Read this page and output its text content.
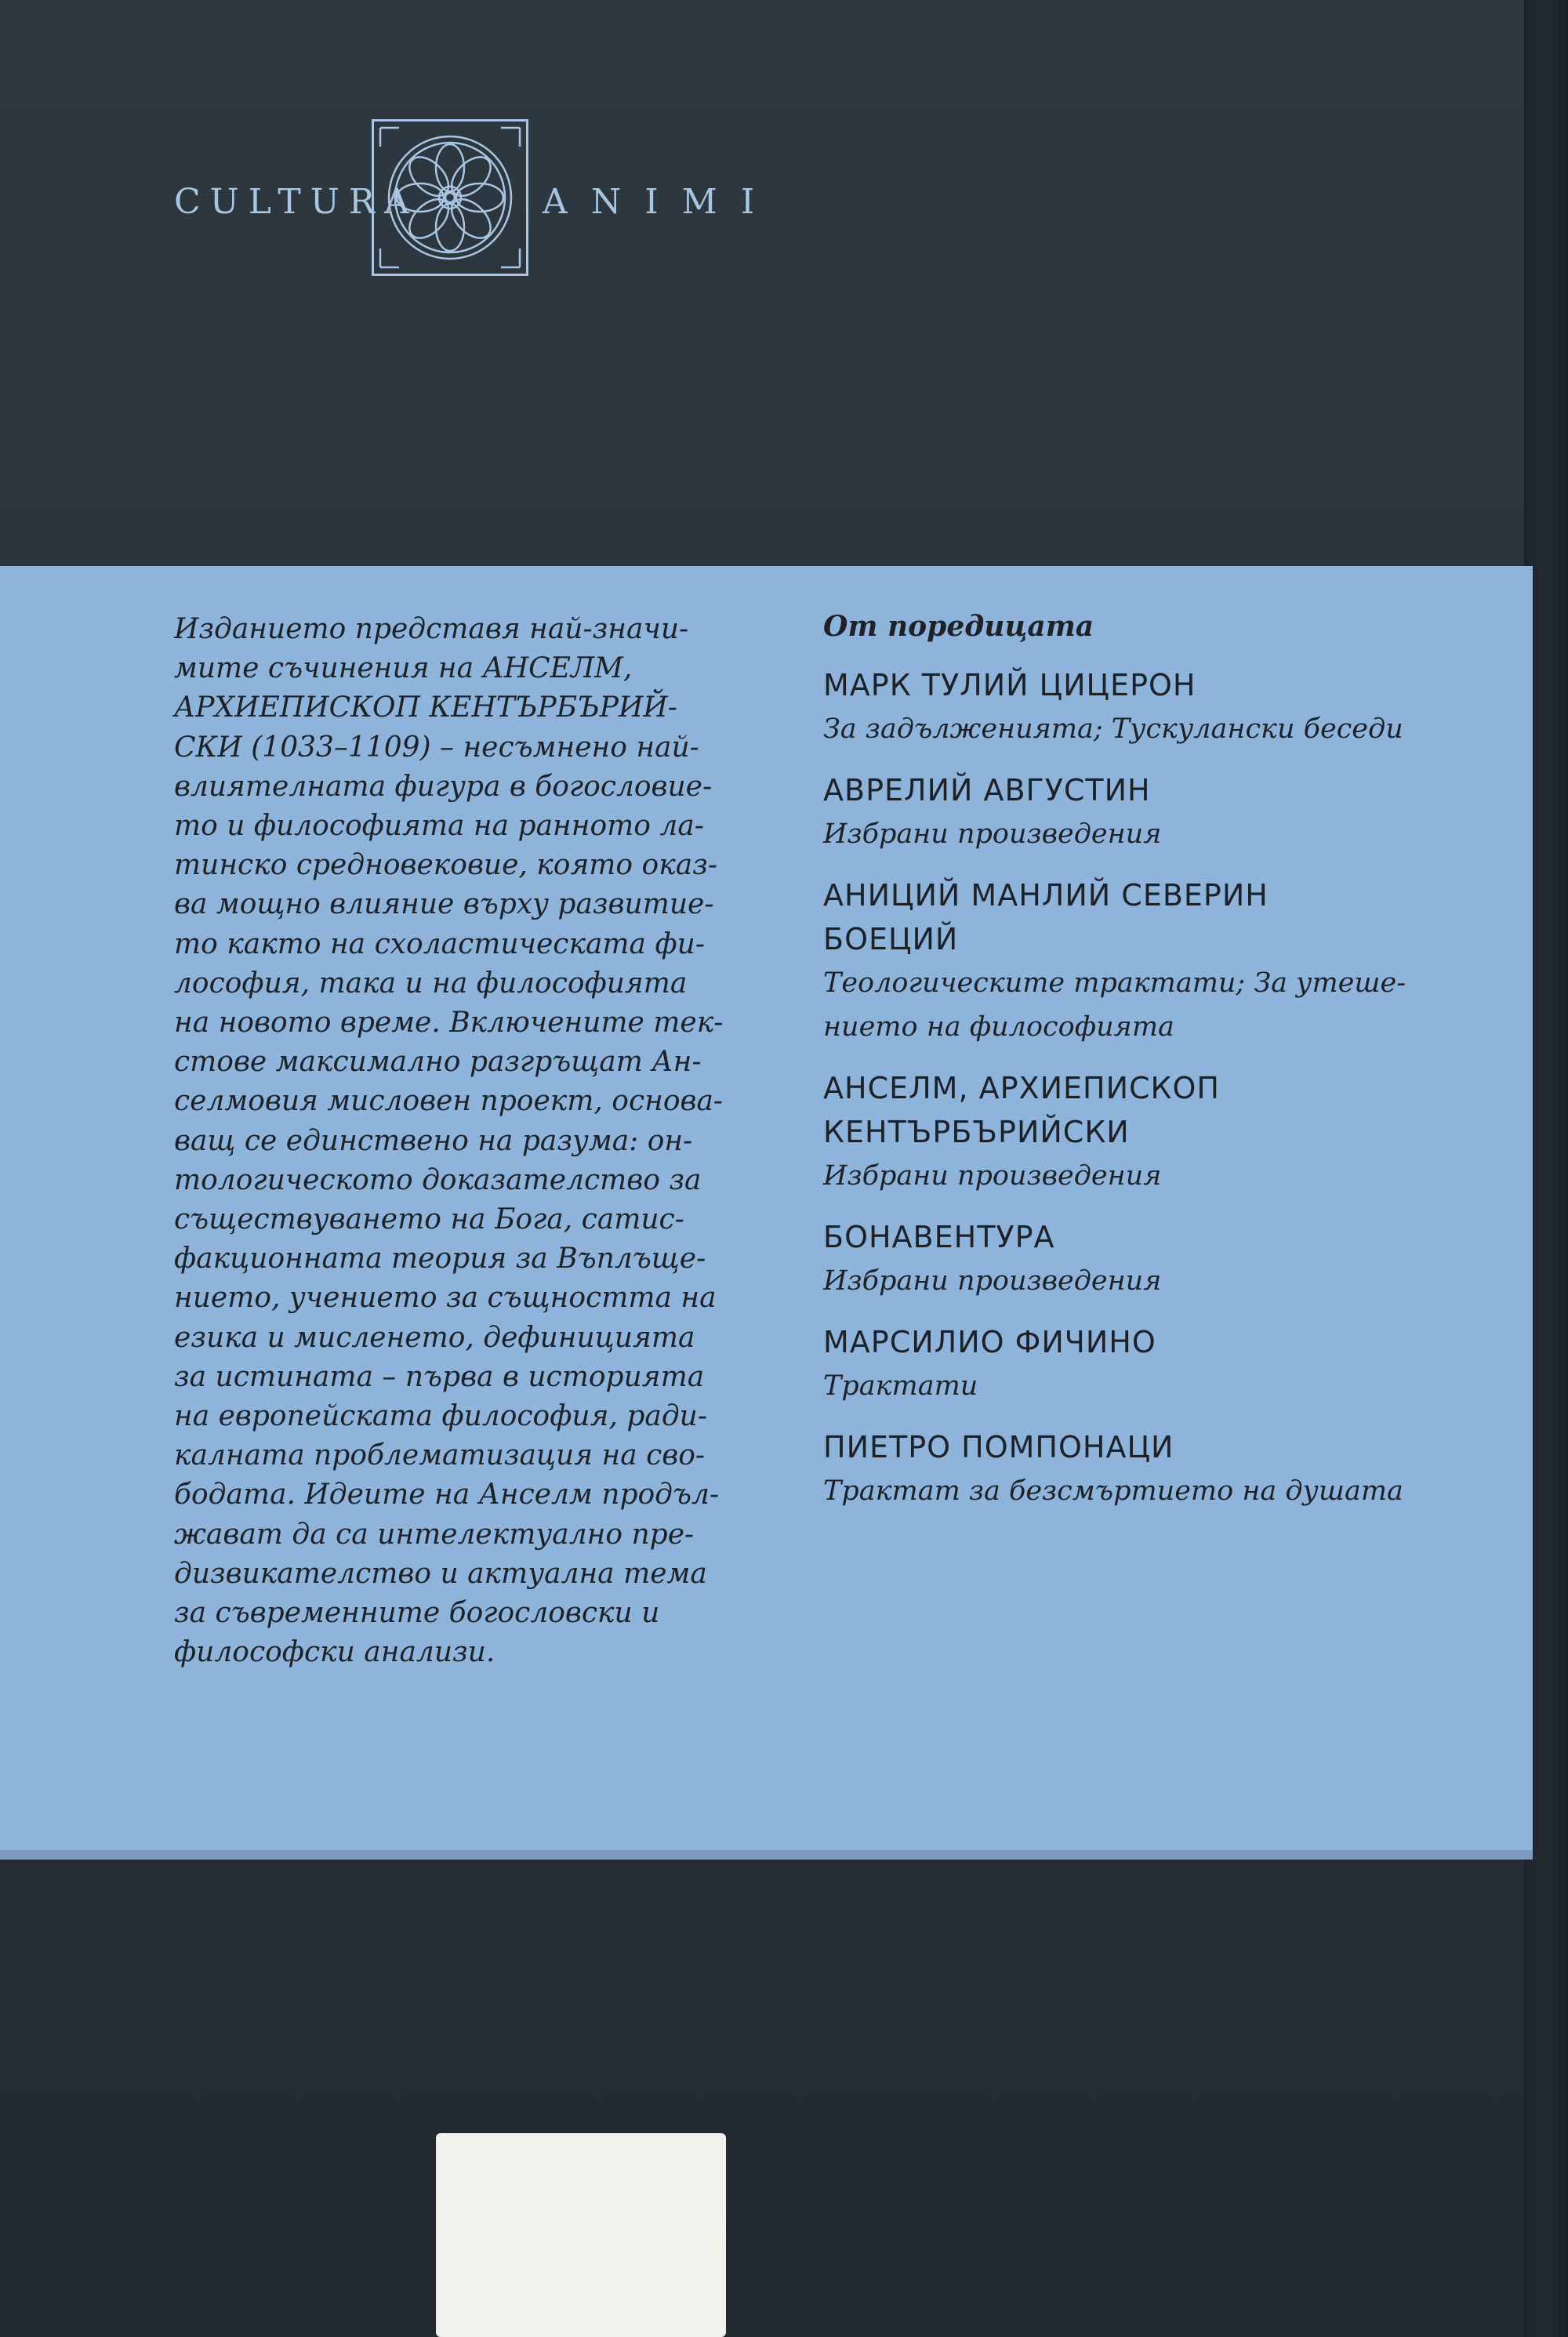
CULTURA	ANIMI
Изданието представя най-значи-
мите съчинения на АНСЕЛМ,
АРХИЕПИСКОП КЕНТЪРБЪРИЙ-
СКИ (1033–1109) – несъмнено най-
влиятелната фигура в богословие-
то и философията на ранното ла-
тинско средновековие, която оказ-
ва мощно влияние върху развитие-
то както на схоластическата фи-
лософия, така и на философията
на новото време. Включените тек-
стове максимално разгръщат Ан-
селмовия мисловен проект, основа-
ващ се единствено на разума: он-
тологическото доказателство за
съществуването на Бога, сатис-
факционната теория за Въплъще-
нието, учението за същността на
езика и мисленето, дефиницията
за истината – първа в историята
на европейската философия, ради-
калната проблематизация на сво-
бодата. Идеите на Анселм продъл-
жават да са интелектуално пре-
дизвикателство и актуална тема
за съвременните богословски и
философски анализи.
От поредицата
МАРК ТУЛИЙ ЦИЦЕРОН
За задълженията; Тускулански беседи
АВРЕЛИЙ АВГУСТИН
Избрани произведения
АНИЦИЙ МАНЛИЙ СЕВЕРИН
БОЕЦИЙ
Теологическите трактати; За утеше-
нието на философията
АНСЕЛМ, АРХИЕПИСКОП
КЕНТЪРБЪРИЙСКИ
Избрани произведения
БОНАВЕНТУРА
Избрани произведения
МАРСИЛИО ФИЧИНО
Трактати
ПИЕТРО ПОМПОНАЦИ
Трактат за безсмъртието на душата
